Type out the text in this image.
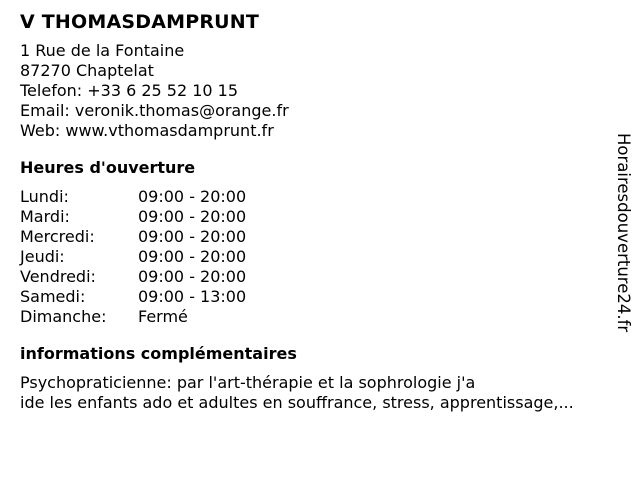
V THOMASDAMPRUNT
1 Rue de la Fontaine
87270 Chaptelat
Telefon: +33 6 25 52 10 15
Email: veronik.thomas@orange.fr
Web: www.vthomasdamprunt.fr
Heures d'ouverture
Lundi:	09:00 - 20:00
Mardi:	09:00 - 20:00
Mercredi:	09:00 - 20:00
Jeudi:	09:00 - 20:00
Vendredi:	09:00 - 20:00
Samedi:	09:00 - 13:00
Dimanche:	Fermé
informations complémentaires
Psychopraticienne: par l'art-thérapie et la sophrologie j'a
ide les enfants ado et adultes en souffrance, stress, apprentissage,...
Horairesdouverture24.fr
